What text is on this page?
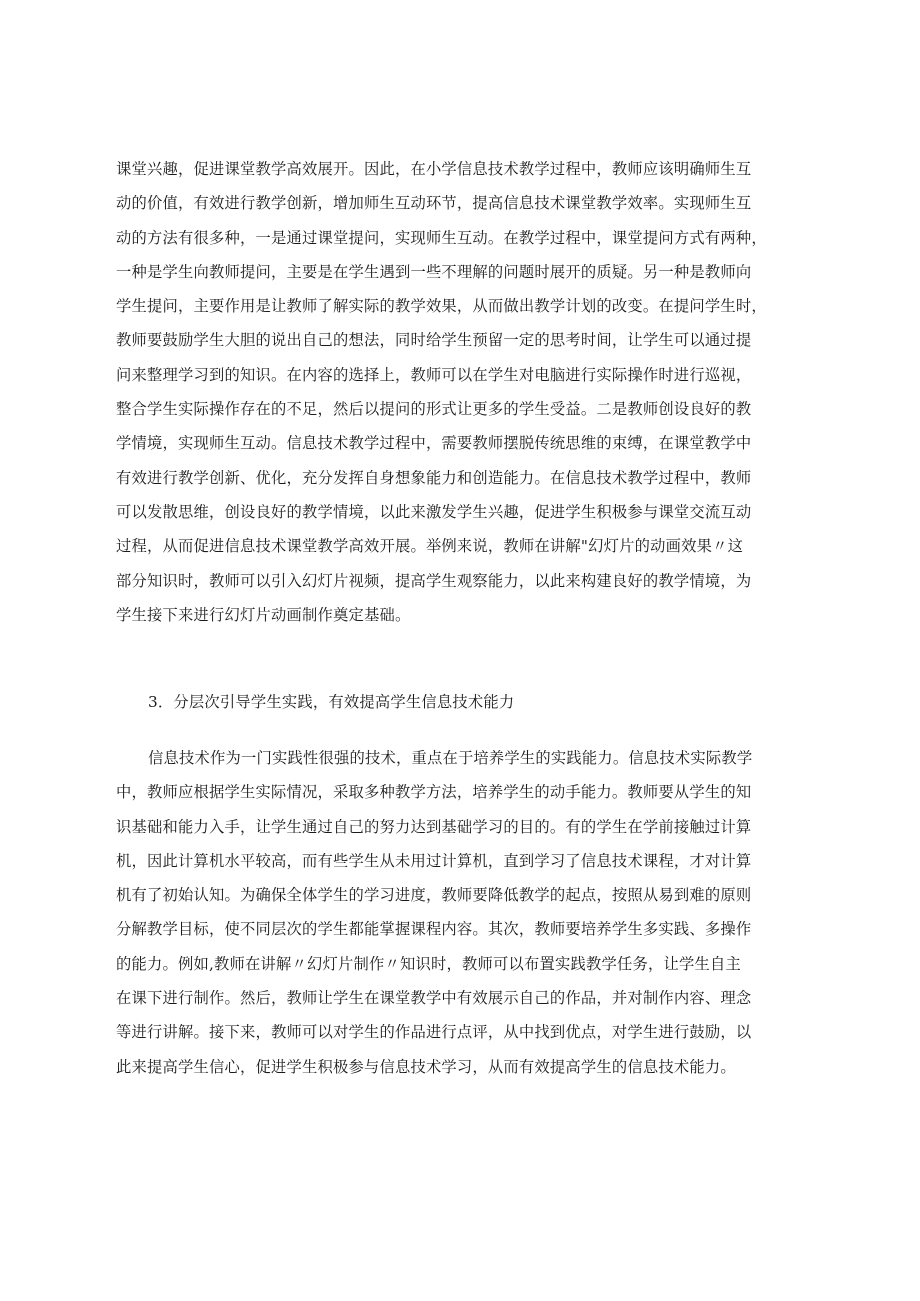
课堂兴趣，促进课堂教学高效展开。因此，在小学信息技术教学过程中，教师应该明确师生互
动的价值，有效进行教学创新，增加师生互动环节，提高信息技术课堂教学效率。实现师生互
动的方法有很多种，一是通过课堂提问，实现师生互动。在教学过程中，课堂提问方式有两种，
一种是学生向教师提问，主要是在学生遇到一些不理解的问题时展开的质疑。另一种是教师向
学生提问，主要作用是让教师了解实际的教学效果，从而做出教学计划的改变。在提问学生时，
教师要鼓励学生大胆的说出自己的想法，同时给学生预留一定的思考时间，让学生可以通过提
问来整理学习到的知识。在内容的选择上，教师可以在学生对电脑进行实际操作时进行巡视，
整合学生实际操作存在的不足，然后以提问的形式让更多的学生受益。二是教师创设良好的教
学情境，实现师生互动。信息技术教学过程中，需要教师摆脱传统思维的束缚，在课堂教学中
有效进行教学创新、优化，充分发挥自身想象能力和创造能力。在信息技术教学过程中，教师
可以发散思维，创设良好的教学情境，以此来激发学生兴趣，促进学生积极参与课堂交流互动
过程，从而促进信息技术课堂教学高效开展。举例来说，教师在讲解"幻灯片的动画效果〃这
部分知识时，教师可以引入幻灯片视频，提高学生观察能力，以此来构建良好的教学情境，为
学生接下来进行幻灯片动画制作奠定基础。
3．分层次引导学生实践，有效提高学生信息技术能力
信息技术作为一门实践性很强的技术，重点在于培养学生的实践能力。信息技术实际教学
中，教师应根据学生实际情况，采取多种教学方法，培养学生的动手能力。教师要从学生的知
识基础和能力入手，让学生通过自己的努力达到基础学习的目的。有的学生在学前接触过计算
机，因此计算机水平较高，而有些学生从未用过计算机，直到学习了信息技术课程，才对计算
机有了初始认知。为确保全体学生的学习进度，教师要降低教学的起点，按照从易到难的原则
分解教学目标，使不同层次的学生都能掌握课程内容。其次，教师要培养学生多实践、多操作
的能力。例如,教师在讲解〃幻灯片制作〃知识时，教师可以布置实践教学任务，让学生自主
在课下进行制作。然后，教师让学生在课堂教学中有效展示自己的作品，并对制作内容、理念
等进行讲解。接下来，教师可以对学生的作品进行点评，从中找到优点，对学生进行鼓励，以
此来提高学生信心，促进学生积极参与信息技术学习，从而有效提高学生的信息技术能力。
